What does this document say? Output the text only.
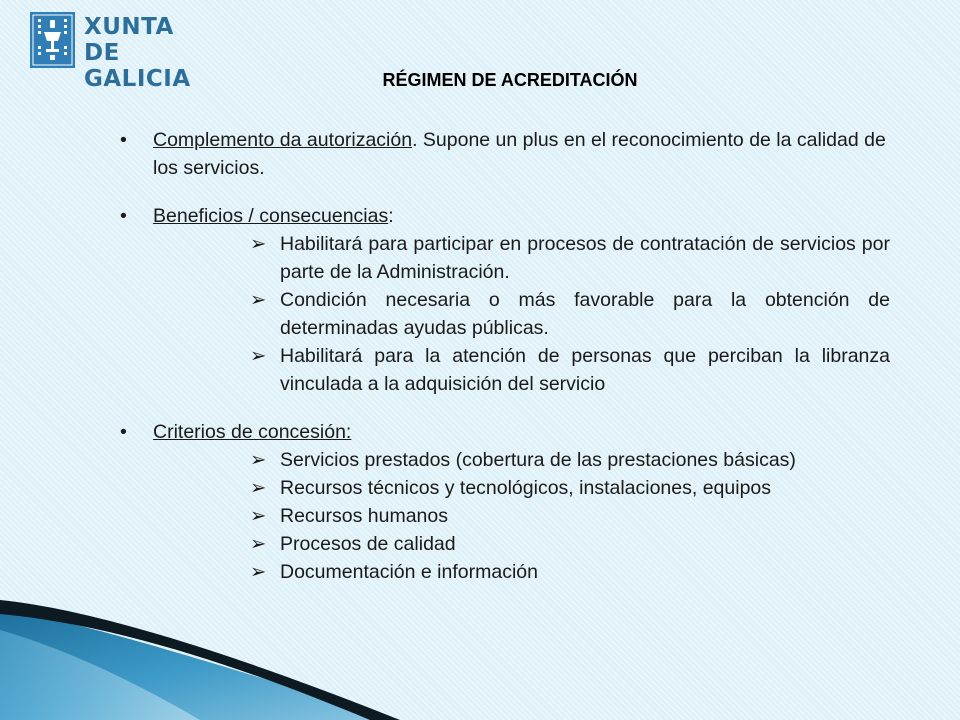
XUNTA
DE GALICIA	RÉGIMEN DE ACREDITACIÓN
• Complemento da autorización. Supone un plus en el reconocimiento de la calidad de los servicios.
• Beneficios / consecuencias:
➢ Habilitará para participar en procesos de contratación de servicios por parte de la Administración.
➢ Condición necesaria o más favorable para la obtención de determinadas ayudas públicas.
➢ Habilitará para la atención de personas que perciban la libranza vinculada a la adquisición del servicio
• Criterios de concesión:
➢ Servicios prestados (cobertura de las prestaciones básicas)
➢ Recursos técnicos y tecnológicos, instalaciones, equipos
➢ Recursos humanos
➢ Procesos de calidad
➢ Documentación e información
